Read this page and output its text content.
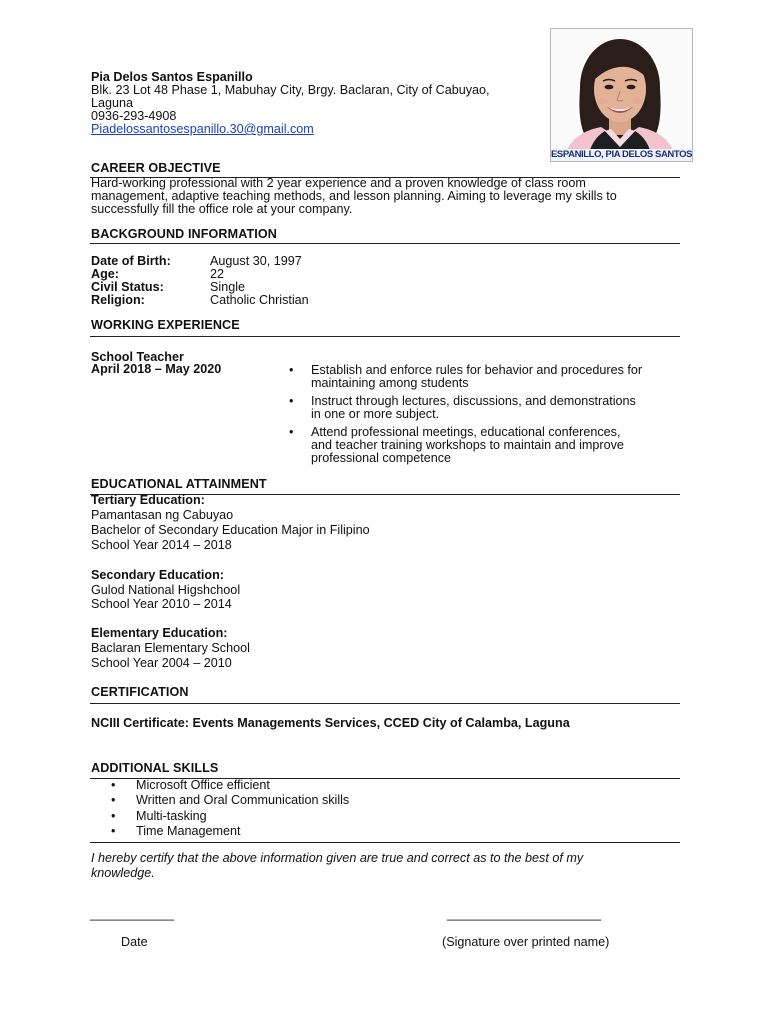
Pia Delos Santos Espanillo
Blk. 23 Lot 48 Phase 1, Mabuhay City, Brgy. Baclaran, City of Cabuyao,
Laguna
0936-293-4908
Piadelossantosespanillo.30@gmail.com
ESPANILLO, PIA DELOS SANTOS
CAREER OBJECTIVE
Hard-working professional with 2 year experience and a proven knowledge of class room
management, adaptive teaching methods, and lesson planning. Aiming to leverage my skills to
successfully fill the office role at your company.
BACKGROUND INFORMATION
Date of Birth:	August 30, 1997
Age:	22
Civil Status:	Single
Religion:	Catholic Christian
WORKING EXPERIENCE
School Teacher
April 2018 – May 2020
•	Establish and enforce rules for behavior and procedures for
maintaining among students
• Instruct through lectures, discussions, and demonstrations
in one or more subject.
• Attend professional meetings, educational conferences,
and teacher training workshops to maintain and improve
professional competence
EDUCATIONAL ATTAINMENT
Tertiary Education:
Pamantasan ng Cabuyao
Bachelor of Secondary Education Major in Filipino
School Year 2014 – 2018
Secondary Education:
Gulod National Higshchool
School Year 2010 – 2014
Elementary Education:
Baclaran Elementary School
School Year 2004 – 2010
CERTIFICATION
NCIII Certificate: Events Managements Services, CCED City of Calamba, Laguna
ADDITIONAL SKILLS
• Microsoft Office efficient
• Written and Oral Communication skills
• Multi-tasking
• Time Management
I hereby certify that the above information given are true and correct as to the best of my
knowledge.
____________	______________________
Date	(Signature over printed name)
